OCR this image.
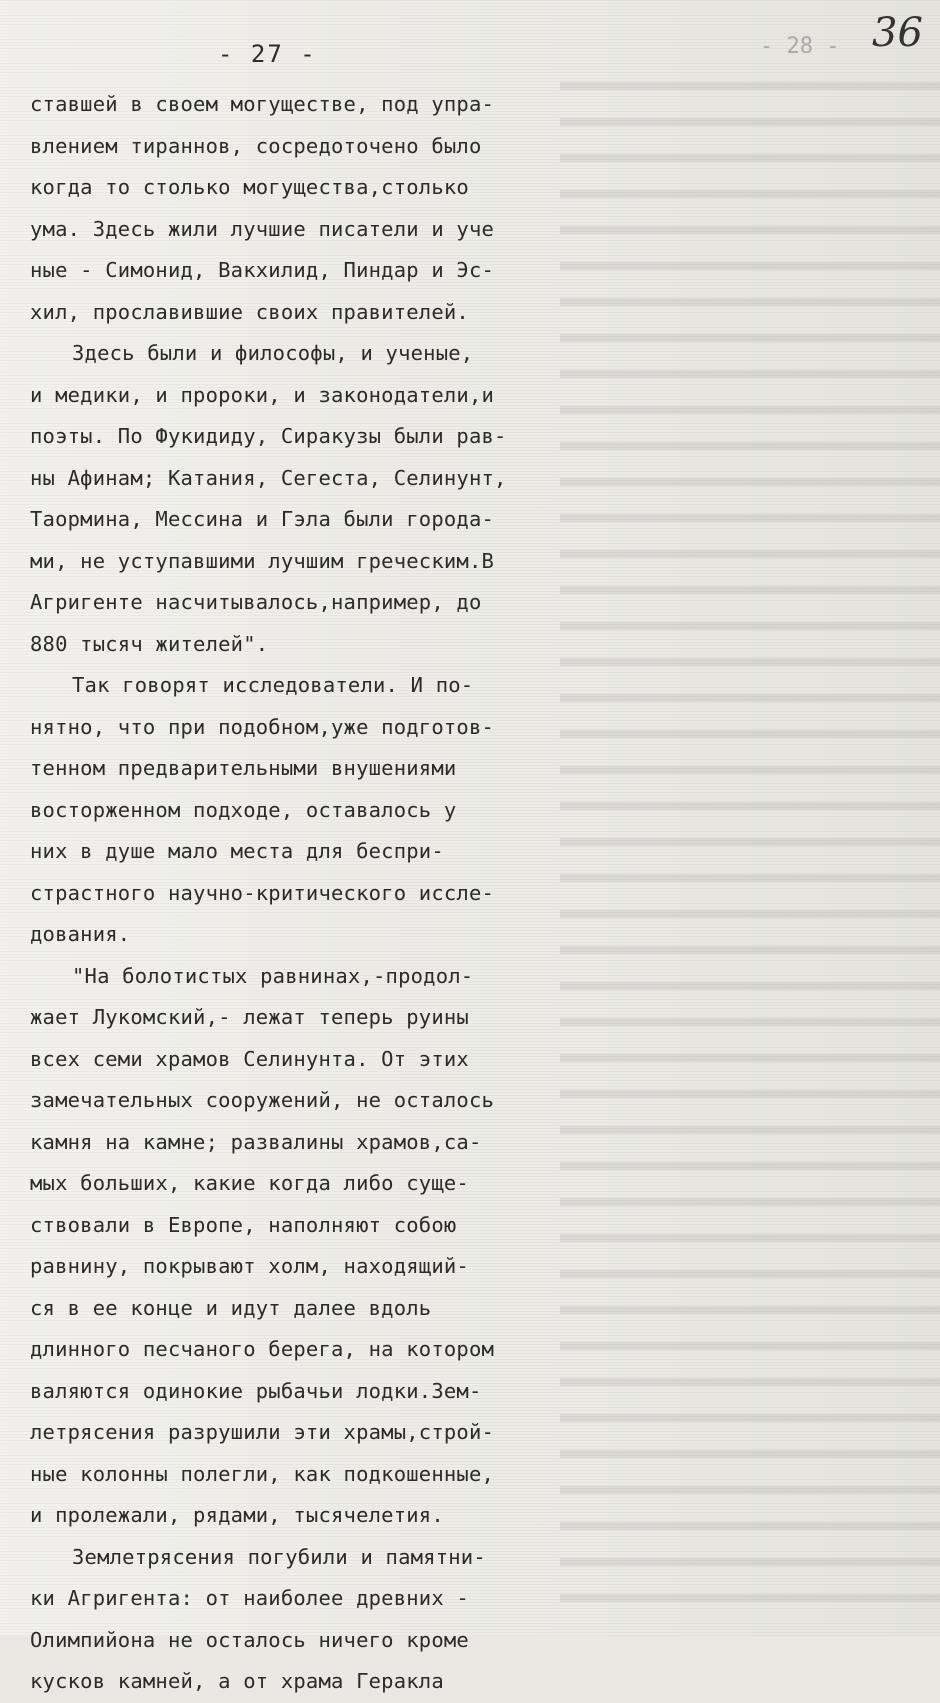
- 27 -	- 28 - 36
ставшей в своем могуществе, под упра-
влением тираннов, сосредоточено было
когда то столько могущества,столько
ума. Здесь жили лучшие писатели и уче
ные - Симонид, Вакхилид, Пиндар и Эс-
хил, прославившие своих правителей.
Здесь были и философы, и ученые,
и медики, и пророки, и законодатели,и
поэты. По Фукидиду, Сиракузы были рав-
ны Афинам; Катания, Сегеста, Селинунт,
Таормина, Мессина и Гэла были городa-
ми, не уступавшими лучшим греческим.В
Агригенте насчитывалось,например, до
880 тысяч жителей".
Так говорят исследователи. И по-
нятно, что при подобном,уже подготов-
тенном предварительными внушениями
восторженном подходе, оставалось у
них в душе мало места для беспри-
страстного научно-критического иссле-
дования.
"На болотистых равнинах,-продол-
жает Лукомский,- лежат теперь руины
всех семи храмов Селинунта. От этих
замечательных сооружений, не осталось
камня на камне; развалины храмов,са-
мых больших, какие когда либо суще-
ствовали в Европе, наполняют собою
равнину, покрывают холм, находящий-
ся в ее конце и идут далее вдоль
длинного песчаного берега, на котором
валяются одинокие рыбачьи лодки.Зем-
летрясения разрушили эти храмы,строй-
ные колонны полегли, как подкошенные,
и пролежали, рядами, тысячелетия.
Землетрясения погубили и памятни-
ки Агригента: от наиболее древних -
Олимпийона не осталось ничего кроме
кусков камней, а от храма Геракла
